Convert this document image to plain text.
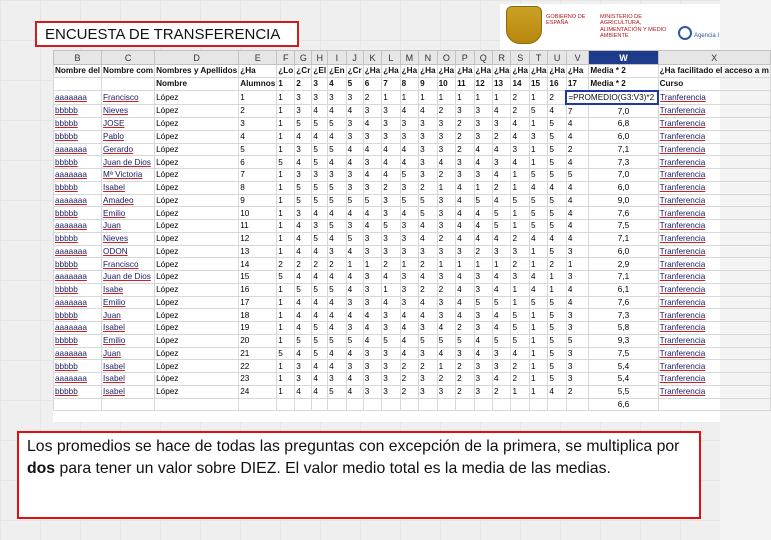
ENCUESTA DE TRANSFERENCIA
GOBIERNO DE ESPAÑA
MINISTERIO DE AGRICULTURA, ALIMENTACIÓN Y MEDIO AMBIENTE	Agencia I
B	C	D	E	F	G	H	I	J	K	L	M	N	O	P	Q	R	S	T	U	V	W	X
Nombre del	Nombre com	Nombres y Apellidos	¿Ha	¿Lo	¿Cr	¿El	¿En	¿Cr	¿Ha	¿Ha	¿Ha	¿Ha	¿Ha	¿Ha	¿Ha	¿Ha	¿Ha	¿Ha	¿Ha	¿Ha	Media * 2	¿Ha facilitado el acceso a m
		Nombre	Alumnos	1	2	3	4	5	6	7	8	9	10	11	12	13	14	15	16	17	Media * 2	Curso
aaaaaaa	Francisco	López	1	1	3	3	3	3	2	1	1	1	1	1	1	1	2	1	2	=PROMEDIO(G3:V3)*2		Tranferencia
bbbbb	Nieves	López	2	1	3	4	4	4	3	3	4	4	2	3	3	4	2	5	4	7	7,0	Tranferencia
bbbbb	JOSE	López	3	1	5	5	5	3	4	3	3	3	3	2	3	3	4	1	5	4	6,8	Tranferencia
bbbbb	Pablo	López	4	1	4	4	4	3	3	3	3	3	3	2	3	2	4	3	5	4	6,0	Tranferencia
aaaaaaa	Gerardo	López	5	1	3	5	5	4	4	4	4	3	3	2	4	4	3	1	5	2	7,1	Tranferencia
bbbbb	Juan de Dios	López	6	5	4	5	4	4	3	4	4	3	4	3	4	3	4	1	5	4	7,3	Tranferencia
aaaaaaa	Mª Victoria	López	7	1	3	3	3	3	4	4	5	3	2	3	3	4	1	5	5	5	7,0	Tranferencia
bbbbb	Isabel	López	8	1	5	5	5	3	3	2	3	2	1	4	1	2	1	4	4	4	6,0	Tranferencia
aaaaaaa	Amadeo	López	9	1	5	5	5	5	5	3	5	5	3	4	5	4	5	5	5	4	9,0	Tranferencia
bbbbb	Emilio	López	10	1	3	4	4	4	4	3	4	5	3	4	4	5	1	5	5	4	7,6	Tranferencia
aaaaaaa	Juan	López	11	1	4	3	5	3	4	5	3	4	3	4	4	5	1	5	5	4	7,5	Tranferencia
bbbbb	Nieves	López	12	1	4	5	4	5	3	3	3	4	2	4	4	4	2	4	4	4	7,1	Tranferencia
aaaaaaa	ODON	López	13	1	4	4	3	4	3	3	3	3	3	3	2	3	3	1	5	3	6,0	Tranferencia
bbbbb	Francisco	López	14	2	2	2	2	1	1	2	1	2	1	1	1	1	2	1	2	1	2,9	Tranferencia
aaaaaaa	Juan de Dios	López	15	5	4	4	4	4	3	4	3	4	3	4	3	4	3	4	1	3	7,1	Tranferencia
bbbbb	Isabe	López	16	1	5	5	5	4	3	1	3	2	2	4	3	4	1	4	1	4	6,1	Tranferencia
aaaaaaa	Emilio	López	17	1	4	4	4	3	3	4	3	4	3	4	5	5	1	5	5	4	7,6	Tranferencia
bbbbb	Juan	López	18	1	4	4	4	4	4	3	4	4	3	4	3	4	5	1	5	3	7,3	Tranferencia
aaaaaaa	Isabel	López	19	1	4	5	4	3	4	3	4	3	4	2	3	4	5	1	5	3	5,8	Tranferencia
bbbbb	Emilio	López	20	1	5	5	5	5	4	5	4	5	5	5	4	5	5	1	5	5	9,3	Tranferencia
aaaaaaa	Juan	López	21	5	4	5	4	4	3	3	4	3	4	3	4	3	4	1	5	3	7,5	Tranferencia
bbbbb	Isabel	López	22	1	3	4	4	3	3	3	2	2	1	2	3	3	2	1	5	3	5,4	Tranferencia
aaaaaaa	Isabel	López	23	1	3	4	3	4	3	3	2	3	2	2	3	4	2	1	5	3	5,4	Tranferencia
bbbbb	Isabel	López	24	1	4	4	5	4	3	3	2	3	3	2	3	2	1	1	4	2	5,5	Tranferencia
																					6,6	
Los promedios se hace de todas las preguntas con excepción de la primera, se multiplica por dos para tener un valor sobre DIEZ. El valor medio total es la media de las medias.
